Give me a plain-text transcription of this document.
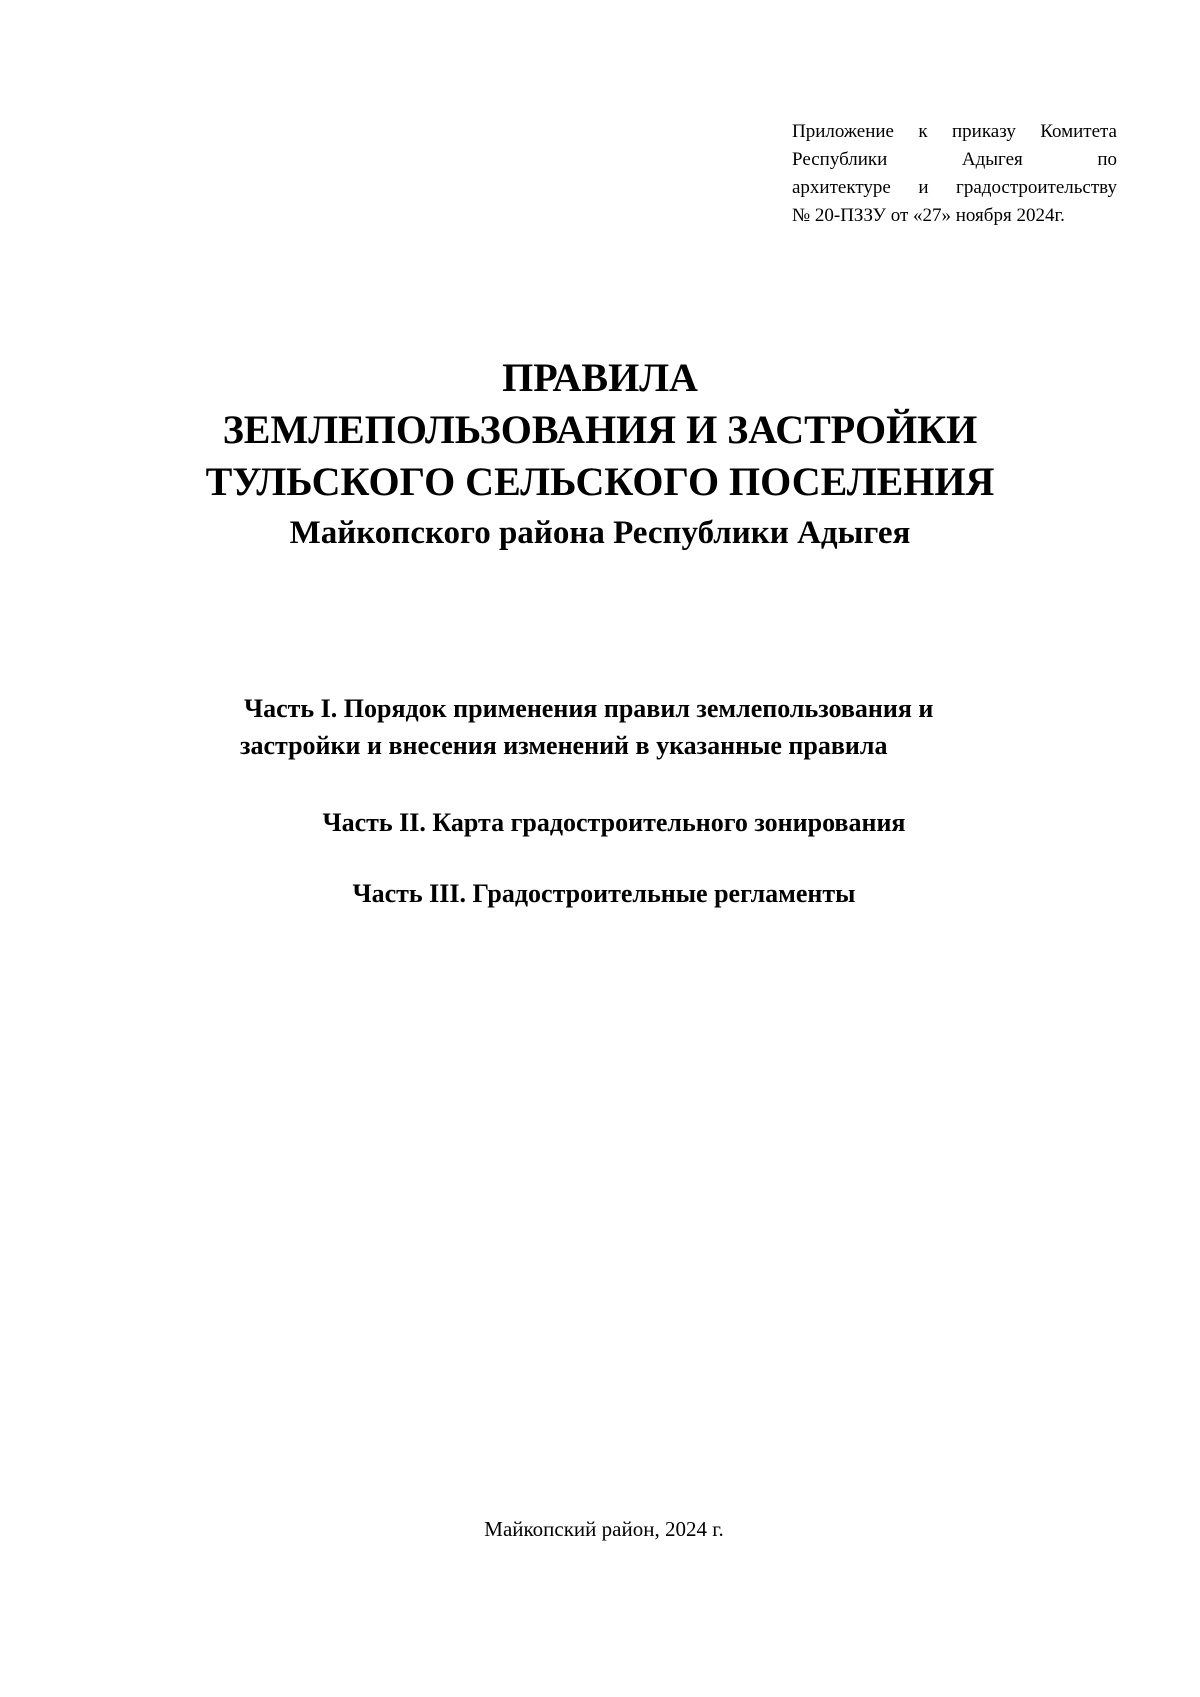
Приложение к приказу Комитета
Республики Адыгея по
архитектуре и градостроительству
№ 20-ПЗЗУ от «27» ноября 2024г.
ПРАВИЛА
ЗЕМЛЕПОЛЬЗОВАНИЯ И ЗАСТРОЙКИ
ТУЛЬСКОГО СЕЛЬСКОГО ПОСЕЛЕНИЯ
Майкопского района Республики Адыгея
Часть I. Порядок применения правил землепользования и
застройки и внесения изменений в указанные правила
Часть II. Карта градостроительного зонирования
Часть III. Градостроительные регламенты
Майкопский район, 2024 г.
